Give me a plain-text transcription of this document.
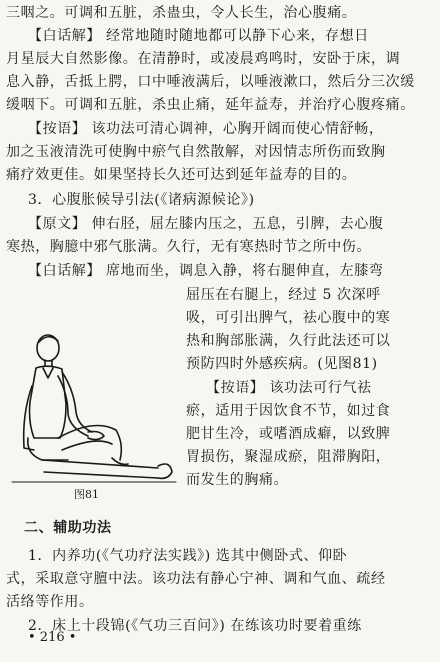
三咽之。可调和五脏，杀蛊虫，令人长生，治心腹痛。
【白话解】 经常地随时随地都可以静下心来，存想日
月星辰大自然影像。在清静时，或凌晨鸡鸣时，安卧于床，调
息入静，舌抵上腭，口中唾液满后，以唾液漱口，然后分三次缓
缓咽下。可调和五脏，杀虫止痛，延年益寿，并治疗心腹疼痛。
【按语】 该功法可清心调神，心胸开阔而使心情舒畅，
加之玉液清洗可使胸中瘀气自然散解，对因情志所伤而致胸
痛疗效更佳。如果坚持长久还可达到延年益寿的目的。
3．心腹胀候导引法(《诸病源候论》)
【原文】 伸右胫，屈左膝内压之，五息，引脾，去心腹
寒热，胸臆中邪气胀满。久行，无有寒热时节之所中伤。
【白话解】 席地而坐，调息入静，将右腿伸直，左膝弯
屈压在右腿上，经过 5 次深呼
吸，可引出脾气，祛心腹中的寒
热和胸部胀满，久行此法还可以
预防四时外感疾病。(见图81)
【按语】 该功法可行气祛
瘀，适用于因饮食不节，如过食
肥甘生冷，或嗜酒成癖，以致脾
胃损伤，聚湿成瘀，阻滞胸阳，
而发生的胸痛。
图81
二、辅助功法
1．内养功(《气功疗法实践》) 选其中侧卧式、仰卧
式，采取意守膻中法。该功法有静心宁神、调和气血、疏经
活络等作用。
2．床上十段锦(《气功三百问》) 在练该功时要着重练
• 216 •
